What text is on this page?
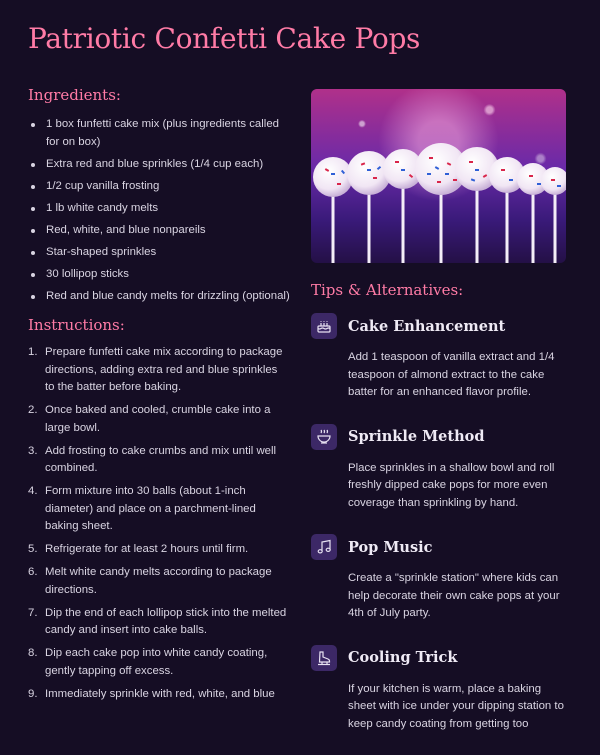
Patriotic Confetti Cake Pops
Ingredients:
1 box funfetti cake mix (plus ingredients called for on box)
Extra red and blue sprinkles (1/4 cup each)
1/2 cup vanilla frosting
1 lb white candy melts
Red, white, and blue nonpareils
Star-shaped sprinkles
30 lollipop sticks
Red and blue candy melts for drizzling (optional)
Instructions:
1. Prepare funfetti cake mix according to package directions, adding extra red and blue sprinkles to the batter before baking.
2. Once baked and cooled, crumble cake into a large bowl.
3. Add frosting to cake crumbs and mix until well combined.
4. Form mixture into 30 balls (about 1-inch diameter) and place on a parchment-lined baking sheet.
5. Refrigerate for at least 2 hours until firm.
6. Melt white candy melts according to package directions.
7. Dip the end of each lollipop stick into the melted candy and insert into cake balls.
8. Dip each cake pop into white candy coating, gently tapping off excess.
9. Immediately sprinkle with red, white, and blue
Tips & Alternatives:
Cake Enhancement
Add 1 teaspoon of vanilla extract and 1/4 teaspoon of almond extract to the cake batter for an enhanced flavor profile.
Sprinkle Method
Place sprinkles in a shallow bowl and roll freshly dipped cake pops for more even coverage than sprinkling by hand.
Pop Music
Create a "sprinkle station" where kids can help decorate their own cake pops at your 4th of July party.
Cooling Trick
If your kitchen is warm, place a baking sheet with ice under your dipping station to keep candy coating from getting too
